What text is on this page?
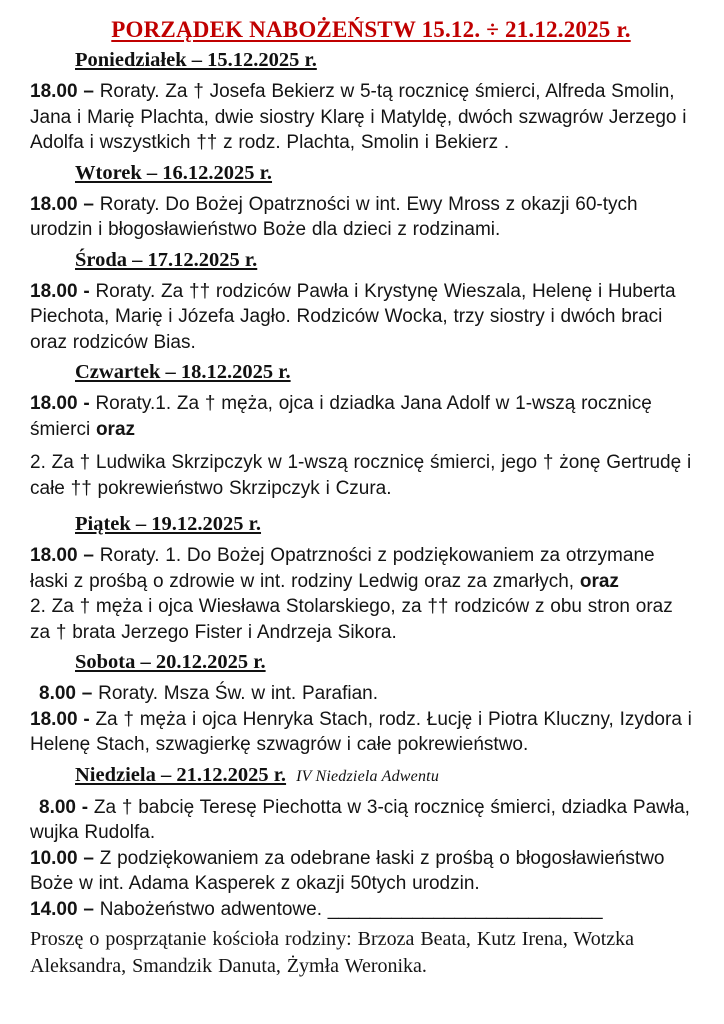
PORZĄDEK NABOŻEŃSTW 15.12. ÷ 21.12.2025 r.
Poniedziałek – 15.12.2025 r.

18.00 – Roraty. Za † Josefa Bekierz w 5-tą rocznicę śmierci, Alfreda Smolin, Jana i Marię Plachta, dwie siostry Klarę i Matyldę, dwóch szwagrów Jerzego i Adolfa i wszystkich †† z rodz. Plachta, Smolin i Bekierz .

Wtorek – 16.12.2025 r.

18.00 – Roraty. Do Bożej Opatrzności w int. Ewy Mross z okazji 60-tych urodzin i błogosławieństwo Boże dla dzieci z rodzinami.

Środa – 17.12.2025 r.

18.00 - Roraty. Za †† rodziców Pawła i Krystynę Wieszala, Helenę i Huberta Piechota, Marię i Józefa Jagło. Rodziców Wocka, trzy siostry i dwóch braci oraz rodziców Bias.

Czwartek – 18.12.2025 r.

18.00 - Roraty.1. Za † męża, ojca i dziadka Jana Adolf w 1-wszą rocznicę śmierci oraz

2. Za † Ludwika Skrzipczyk w 1-wszą rocznicę śmierci, jego † żonę Gertrudę i całe †† pokrewieństwo Skrzipczyk i Czura.

Piątek – 19.12.2025 r.

18.00 – Roraty. 1. Do Bożej Opatrzności z podziękowaniem za otrzymane łaski z prośbą o zdrowie w int. rodziny Ledwig oraz za zmarłych, oraz

2. Za † męża i ojca Wiesława Stolarskiego, za †† rodziców z obu stron oraz za † brata Jerzego Fister i Andrzeja Sikora.

Sobota – 20.12.2025 r.

8.00 – Roraty. Msza Św. w int. Parafian.

18.00 - Za † męża i ojca Henryka Stach, rodz. Łucję i Piotra Kluczny, Izydora i Helenę Stach, szwagierkę szwagrów i całe pokrewieństwo.

Niedziela – 21.12.2025 r. IV Niedziela Adwentu

8.00 - Za † babcię Teresę Piechotta w 3-cią rocznicę śmierci, dziadka Pawła, wujka Rudolfa.

10.00 – Z podziękowaniem za odebrane łaski z prośbą o błogosławieństwo Boże w int. Adama Kasperek z okazji 50tych urodzin.

14.00 – Nabożeństwo adwentowe. __________________________

Proszę o posprzątanie kościoła rodziny: Brzoza Beata, Kutz Irena, Wotzka Aleksandra, Smandzik Danuta, Żymła Weronika.
